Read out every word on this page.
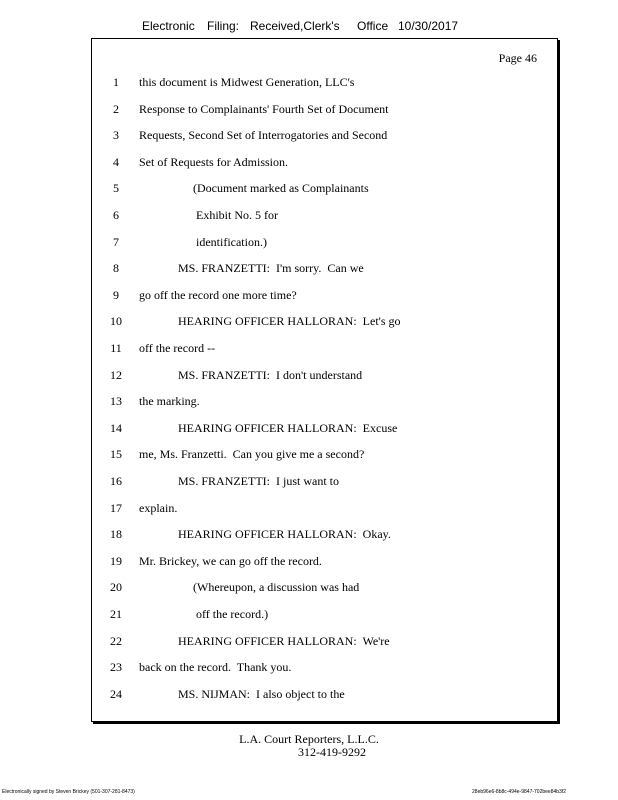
Electronic Filing: Received,Clerk's Office 10/30/2017
Page 46
1	this document is Midwest Generation, LLC's
2	Response to Complainants' Fourth Set of Document
3	Requests, Second Set of Interrogatories and Second
4	Set of Requests for Admission.
5	(Document marked as Complainants
6	Exhibit No. 5 for
7	identification.)
8	MS. FRANZETTI:  I'm sorry.  Can we
9	go off the record one more time?
10	HEARING OFFICER HALLORAN:  Let's go
11	off the record --
12	MS. FRANZETTI:  I don't understand
13	the marking.
14	HEARING OFFICER HALLORAN:  Excuse
15	me, Ms. Franzetti.  Can you give me a second?
16	MS. FRANZETTI:  I just want to
17	explain.
18	HEARING OFFICER HALLORAN:  Okay.
19	Mr. Brickey, we can go off the record.
20	(Whereupon, a discussion was had
21	off the record.)
22	HEARING OFFICER HALLORAN:  We're
23	back on the record.  Thank you.
24	MS. NIJMAN:  I also object to the
L.A. Court Reporters, L.L.C.
312-419-9292
Electronically signed by Steven Brickey (501-307-281-8473)	28eb96e6-8b8c-494e-9847-702bee84b3f2
